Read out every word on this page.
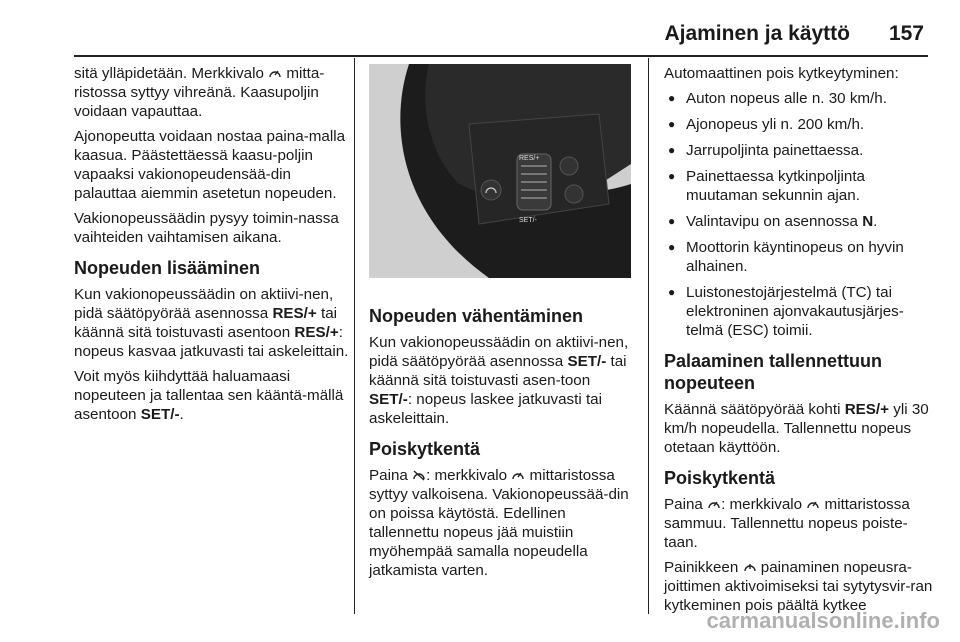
Ajaminen ja käyttö 157

sitä ylläpidetään. Merkkivalo  mitta-ristossa syttyy vihreänä. Kaasupoljin voidaan vapauttaa.

Ajonopeutta voidaan nostaa paina-malla kaasua. Päästettäessä kaasu-poljin vapaaksi vakionopeudensää-din palauttaa aiemmin asetetun nopeuden.

Vakionopeussäädin pysyy toimin-nassa vaihteiden vaihtamisen aikana.

Nopeuden lisääminen

Kun vakionopeussäädin on aktiivi-nen, pidä säätöpyörää asennossa RES/+ tai käännä sitä toistuvasti asentoon RES/+: nopeus kasvaa jatkuvasti tai askeleittain.

Voit myös kiihdyttää haluamaasi nopeuteen ja tallentaa sen kääntä-mällä asentoon SET/-.

RES/+
SET/-
Nopeuden vähentäminen

Kun vakionopeussäädin on aktiivi-nen, pidä säätöpyörää asennossa SET/- tai käännä sitä toistuvasti asen-toon SET/-: nopeus laskee jatkuvasti tai askeleittain.

Poiskytkentä

Paina : merkkivalo  mittaristossa syttyy valkoisena. Vakionopeussää-din on poissa käytöstä. Edellinen tallennettu nopeus jää muistiin myöhempää samalla nopeudella jatkamista varten.

Automaattinen pois kytkeytyminen:

● Auton nopeus alle n. 30 km/h.
● Ajonopeus yli n. 200 km/h.
● Jarrupoljinta painettaessa.
● Painettaessa kytkinpoljinta muutaman sekunnin ajan.
● Valintavipu on asennossa N.
● Moottorin käyntinopeus on hyvin alhainen.
● Luistonestojärjestelmä (TC) tai elektroninen ajonvakautusjärjes-telmä (ESC) toimii.
Palaaminen tallennettuun nopeuteen

Käännä säätöpyörää kohti RES/+ yli 30 km/h nopeudella. Tallennettu nopeus otetaan käyttöön.

Poiskytkentä

Paina : merkkivalo  mittaristossa sammuu. Tallennettu nopeus poiste-taan.

Painikkeen  painaminen nopeusra-joittimen aktivoimiseksi tai sytytysvir-ran kytkeminen pois päältä kytkee

carmanualsonline.info
